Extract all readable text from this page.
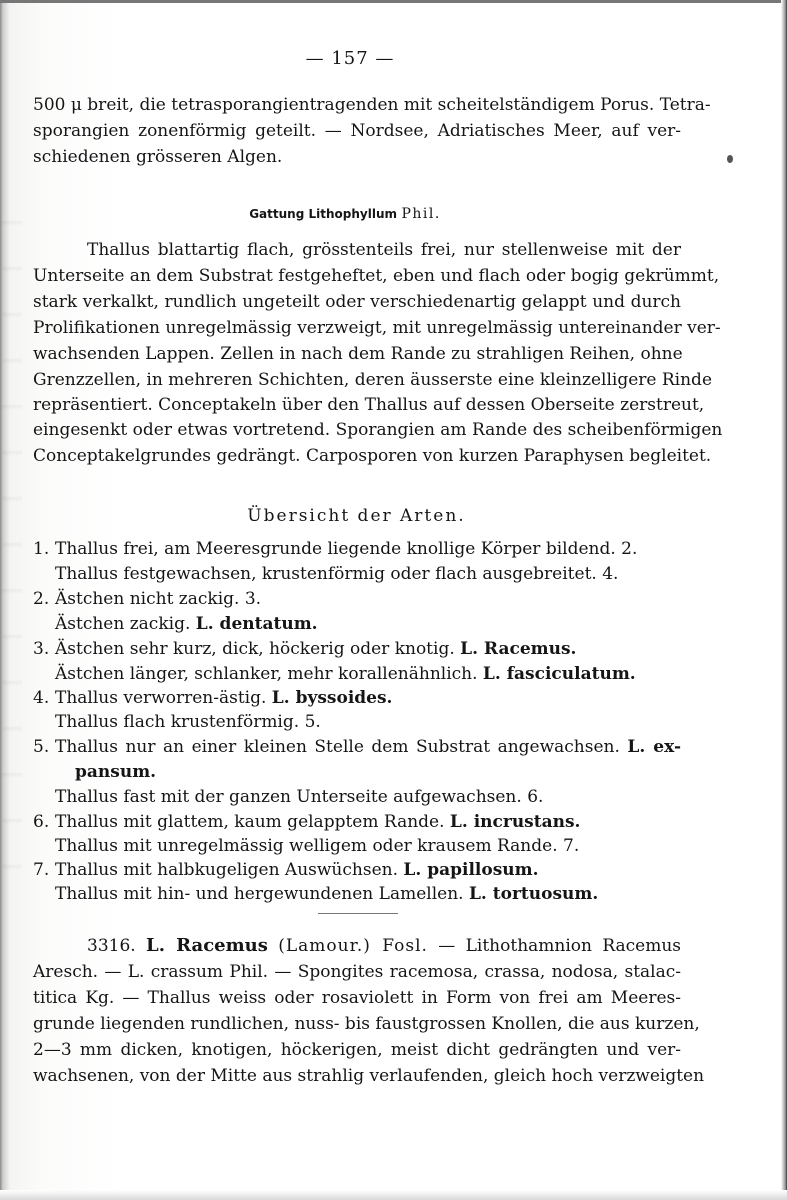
— 157 —
500 μ breit, die tetrasporangientragenden mit scheitelständigem Porus. Tetra-
sporangien zonenförmig geteilt. — Nordsee, Adriatisches Meer, auf ver-
schiedenen grösseren Algen.
Gattung Lithophyllum Phil.
Thallus blattartig flach, grösstenteils frei, nur stellenweise mit der
Unterseite an dem Substrat festgeheftet, eben und flach oder bogig gekrümmt,
stark verkalkt, rundlich ungeteilt oder verschiedenartig gelappt und durch
Prolifikationen unregelmässig verzweigt, mit unregelmässig untereinander ver-
wachsenden Lappen. Zellen in nach dem Rande zu strahligen Reihen, ohne
Grenzzellen, in mehreren Schichten, deren äusserste eine kleinzelligere Rinde
repräsentiert. Conceptakeln über den Thallus auf dessen Oberseite zerstreut,
eingesenkt oder etwas vortretend. Sporangien am Rande des scheibenförmigen
Conceptakelgrundes gedrängt. Carposporen von kurzen Paraphysen begleitet.
Übersicht der Arten.
1. Thallus frei, am Meeresgrunde liegende knollige Körper bildend. 2.
Thallus festgewachsen, krustenförmig oder flach ausgebreitet. 4.
2. Ästchen nicht zackig. 3.
Ästchen zackig. L. dentatum.
3. Ästchen sehr kurz, dick, höckerig oder knotig. L. Racemus.
Ästchen länger, schlanker, mehr korallenähnlich. L. fasciculatum.
4. Thallus verworren-ästig. L. byssoides.
Thallus flach krustenförmig. 5.
5. Thallus nur an einer kleinen Stelle dem Substrat angewachsen. L. ex-
pansum.
Thallus fast mit der ganzen Unterseite aufgewachsen. 6.
6. Thallus mit glattem, kaum gelapptem Rande. L. incrustans.
Thallus mit unregelmässig welligem oder krausem Rande. 7.
7. Thallus mit halbkugeligen Auswüchsen. L. papillosum.
Thallus mit hin- und hergewundenen Lamellen. L. tortuosum.
3316. L. Racemus (Lamour.) Fosl. — Lithothamnion Racemus
Aresch. — L. crassum Phil. — Spongites racemosa, crassa, nodosa, stalac-
titica Kg. — Thallus weiss oder rosaviolett in Form von frei am Meeres-
grunde liegenden rundlichen, nuss- bis faustgrossen Knollen, die aus kurzen,
2—3 mm dicken, knotigen, höckerigen, meist dicht gedrängten und ver-
wachsenen, von der Mitte aus strahlig verlaufenden, gleich hoch verzweigten
